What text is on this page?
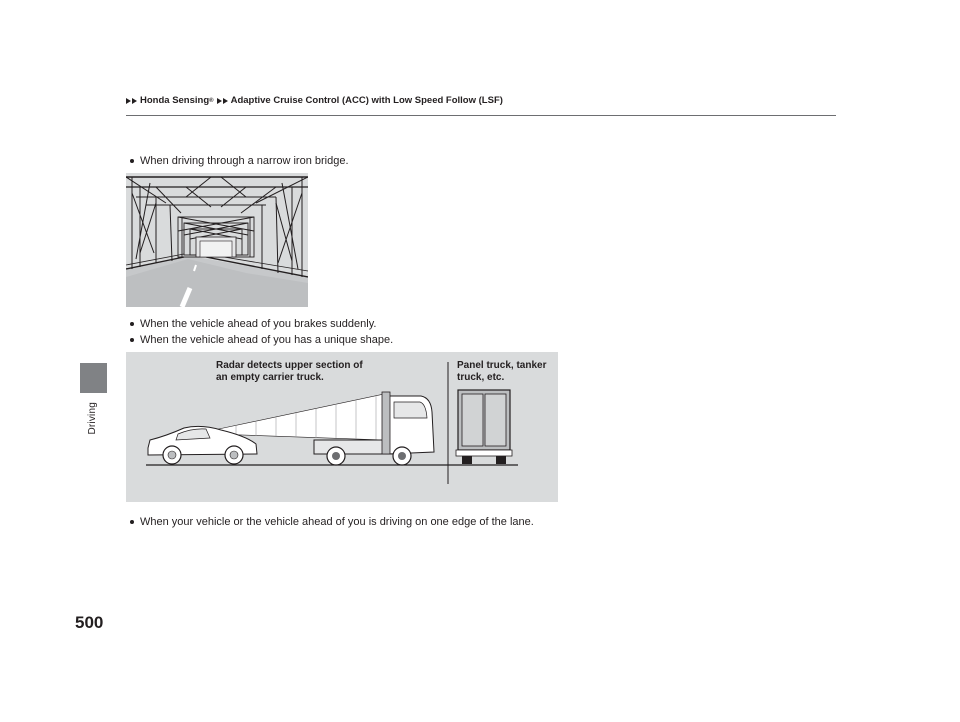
Honda Sensing ® Adaptive Cruise Control (ACC) with Low Speed Follow (LSF)
Driving
500
When driving through a narrow iron bridge.
When the vehicle ahead of you brakes suddenly.
When the vehicle ahead of you has a unique shape.
Radar detects upper section of
an empty carrier truck.
Panel truck, tanker
truck, etc.
When your vehicle or the vehicle ahead of you is driving on one edge of the lane.
